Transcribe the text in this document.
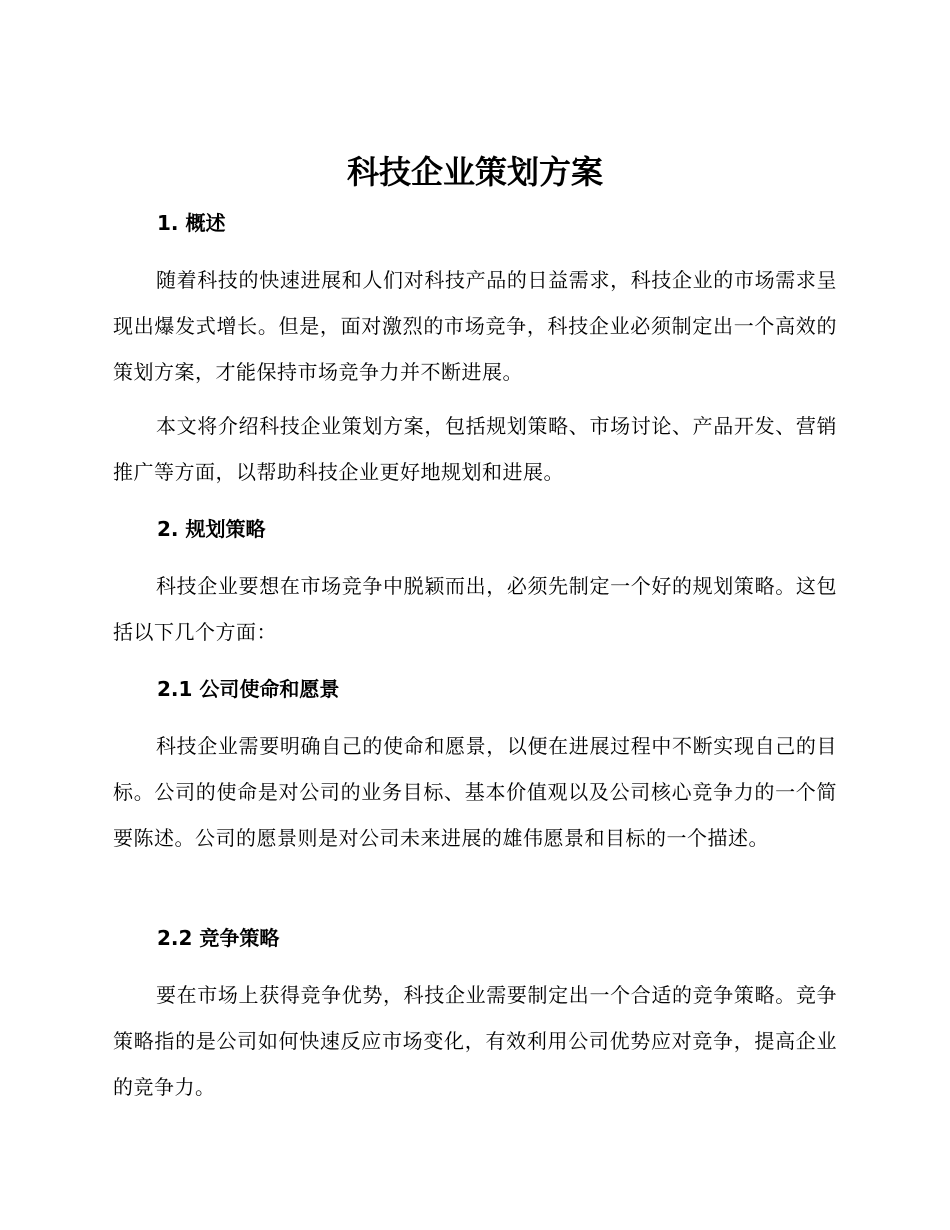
科技企业策划方案
1. 概述

随着科技的快速进展和人们对科技产品的日益需求，科技企业的市场需求呈现出爆发式增长。但是，面对激烈的市场竞争，科技企业必须制定出一个高效的策划方案，才能保持市场竞争力并不断进展。

本文将介绍科技企业策划方案，包括规划策略、市场讨论、产品开发、营销推广等方面，以帮助科技企业更好地规划和进展。

2. 规划策略

科技企业要想在市场竞争中脱颖而出，必须先制定一个好的规划策略。这包括以下几个方面：

2.1 公司使命和愿景

科技企业需要明确自己的使命和愿景，以便在进展过程中不断实现自己的目标。公司的使命是对公司的业务目标、基本价值观以及公司核心竞争力的一个简要陈述。公司的愿景则是对公司未来进展的雄伟愿景和目标的一个描述。

2.2 竞争策略

要在市场上获得竞争优势，科技企业需要制定出一个合适的竞争策略。竞争策略指的是公司如何快速反应市场变化，有效利用公司优势应对竞争，提高企业的竞争力。
